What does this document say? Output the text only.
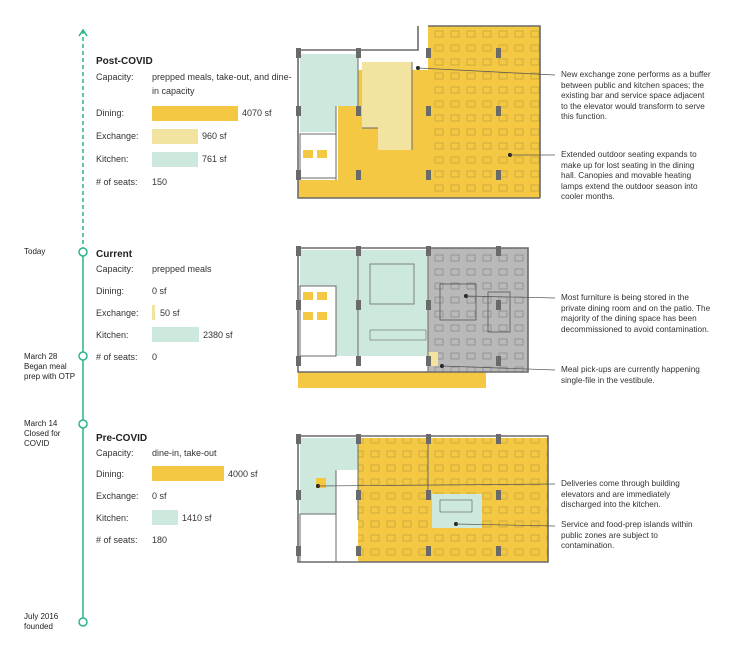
Today
March 28 Began meal prep with OTP
March 14 Closed for COVID
July 2016 founded
Post-COVID
Capacity: prepped meals, take-out, and dine-in capacity
Dining:	4070 sf
Exchange:	960 sf
Kitchen:	761 sf
# of seats: 150
Current
Capacity: prepped meals
Dining:	0 sf
Exchange: 50 sf
Kitchen:	2380 sf
# of seats: 0
Pre-COVID
Capacity: dine-in, take-out
Dining:	4000 sf
Exchange: 0 sf
Kitchen:	1410 sf
# of seats: 180
New exchange zone performs as a buffer between public and kitchen spaces; the existing bar and service space adjacent to the elevator would transform to serve this function.
Extended outdoor seating expands to make up for lost seating in the dining hall. Canopies and movable heating lamps extend the outdoor season into cooler months.
Most furniture is being stored in the private dining room and on the patio. The majority of the dining space has been decommissioned to avoid contamination.
Meal pick-ups are currently happening single-file in the vestibule.
Deliveries come through building elevators and are immediately discharged into the kitchen.
Service and food-prep islands within public zones are subject to contamination.
